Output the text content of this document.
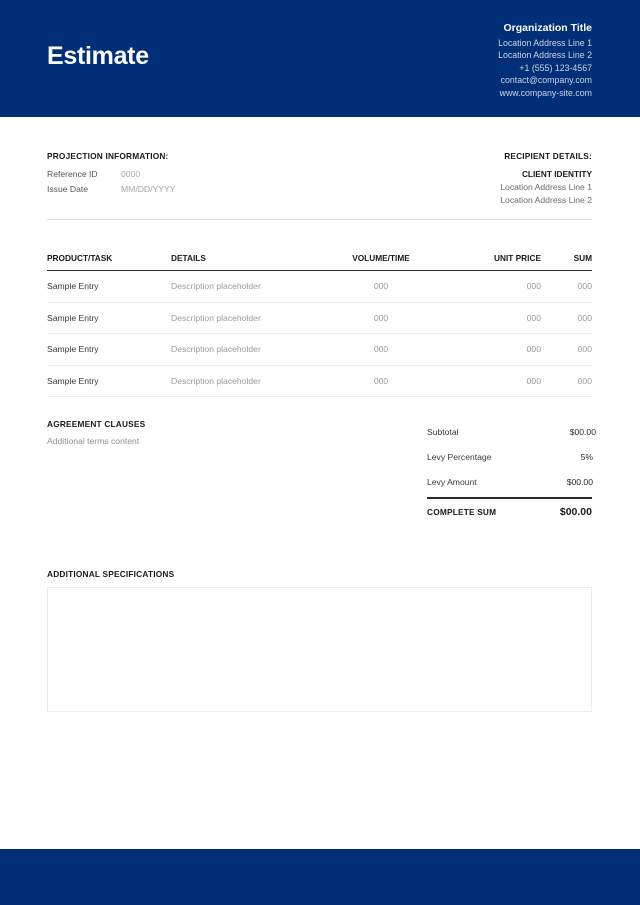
Estimate
Organization Title
Location Address Line 1
Location Address Line 2
+1 (555) 123-4567
contact@company.com
www.company-site.com
PROJECTION INFORMATION:
Reference ID	0000
Issue Date	MM/DD/YYYY
RECIPIENT DETAILS:
CLIENT IDENTITY
Location Address Line 1
Location Address Line 2
PRODUCT/TASK	DETAILS	VOLUME/TIME	UNIT PRICE	SUM
Sample Entry	Description placeholder	000	000	000
Sample Entry	Description placeholder	000	000	000
Sample Entry	Description placeholder	000	000	000
Sample Entry	Description placeholder	000	000	000
AGREEMENT CLAUSES
Additional terms content
Subtotal	$00.00
Levy Percentage	5%
Levy Amount	$00.00
COMPLETE SUM	$00.00
ADDITIONAL SPECIFICATIONS
